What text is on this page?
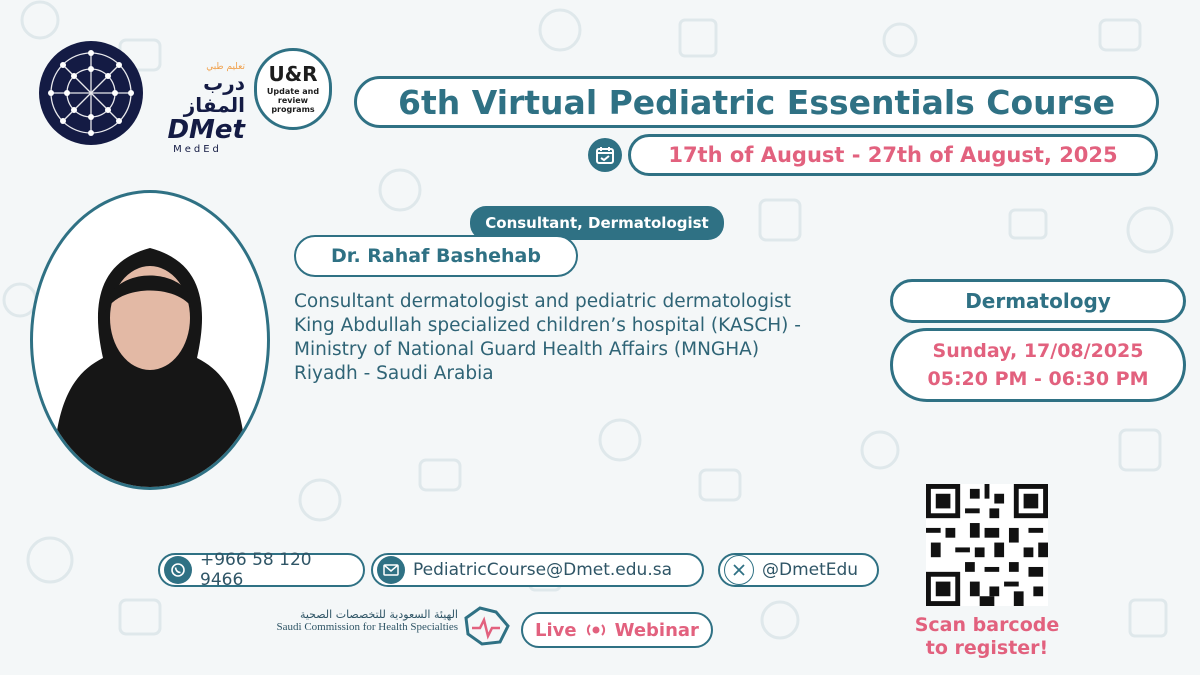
تعليم طبي
درب المفاز
DMet
MedEd
U&R
Update and review programs	6th Virtual Pediatric Essentials Course
17th of August - 27th of August, 2025
Consultant, Dermatologist
Dr. Rahaf Bashehab
Consultant dermatologist and pediatric dermatologist
King Abdullah specialized children’s hospital (KASCH) -
Ministry of National Guard Health Affairs (MNGHA)
Riyadh - Saudi Arabia
Dermatology
Sunday, 17/08/2025
05:20 PM - 06:30 PM
Scan barcode
to register!
+966 58 120 9466	PediatricCourse@Dmet.edu.sa	@DmetEdu
الهيئة السعودية للتخصصات الصحية
Saudi Commission for Health Specialties	Live Webinar
